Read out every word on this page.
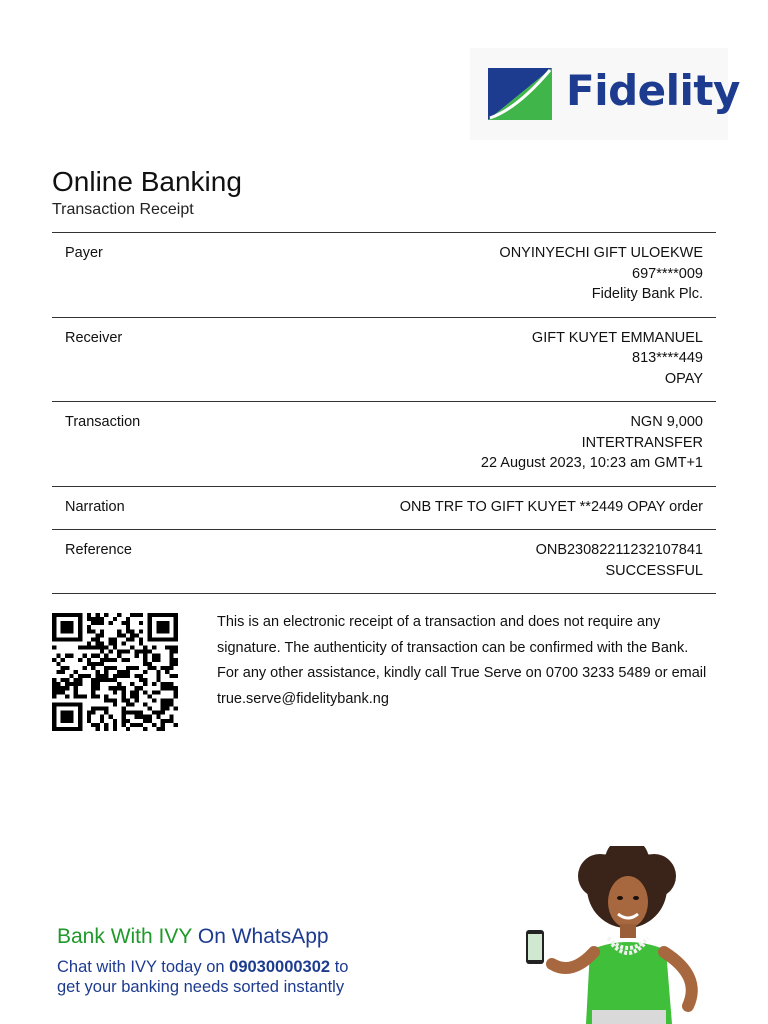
Fidelity
Online Banking
Transaction Receipt
Payer	ONYINYECHI GIFT ULOEKWE
697****009
Fidelity Bank Plc.
Receiver	GIFT KUYET EMMANUEL
813****449
OPAY
Transaction	NGN 9,000
INTERTRANSFER
22 August 2023, 10:23 am GMT+1
Narration	ONB TRF TO GIFT KUYET **2449 OPAY order
Reference	ONB23082211232107841
SUCCESSFUL
This is an electronic receipt of a transaction and does not require any signature. The authenticity of transaction can be confirmed with the Bank.
For any other assistance, kindly call True Serve on 0700 3233 5489 or email true.serve@fidelitybank.ng
Bank With IVY On WhatsApp
Chat with IVY today on 09030000302 to
get your banking needs sorted instantly
